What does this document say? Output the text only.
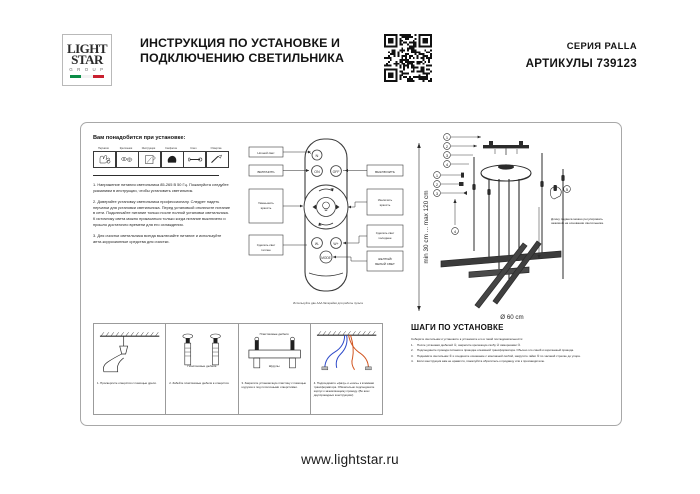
LIGHT
STAR
G R O U P
ИНСТРУКЦИЯ ПО УСТАНОВКЕ И ПОДКЛЮЧЕНИЮ СВЕТИЛЬНИКА
СЕРИЯ PALLA
АРТИКУЛЫ 739123
Вам понадобится при установке:
Перчатки	Крепления	Инструкция	Салфетка	Ключ	Отвертка
1. Напряжение питания светильника 85-265 В 50 Гц. Пожалуйста следуйте указаниям в инструкции, чтобы установить светильник.
2. Доверяйте установку светильника профессионалу. Следует надеть перчатки для установки светильника. Перед установкой отключите питание в сети. Подключайте питание только после полной установки светильника. К источнику света можно прикасаться только когда питание выключено и прошло достаточно времени для его охлаждения.
3. Для очистки светильника всегда выключайте питание и используйте анти-коррозионные средства для очистки.
N
ON	OFF
W-	W+
MODE
Ночной свет
ВКЛЮЧИТЬ
Уменьшить
яркость
Сделать свет
теплее
ВЫКЛЮЧИТЬ
Увеличить
яркость
Сделать свет
холоднее
ЖЕЛТЫЙ/
БЕЛЫЙ СВЕТ
Используйте две AAA батарейки для работы пульта
min 30 cm ... max 120 cm
1
2
3
4
1
2
3
4
5
Длину подвеса можно регулировать зажимом на основании светильника.
Ø 60 cm
1. Просверлите отверстия с помощью дрели.
Пластиковые дюбеля
2. Забейте пластиковые дюбеля в отверстия.
Пластиковые дюбеля
Шурупы
3. Закрепите установочную пластину с помощью шурупов и под потолочными отверстиями.
4. Подсоедините «фазу» и «ноль» к клеммам трансформатора. Обязательно подсоедините корпус к заземляющему проводу. (Во всех двухпроводных конструкциях)
ШАГИ ПО УСТАНОВКЕ
Соберите светильник и установите в установите его в такой последовательности:
1. После установки дюбелей ①, закрепите крепежную скобу ② саморезами ③.
2. Подсоедините провода питания в проводке клеммной трансформатора. Обычно это синий и коричневый провода.
3. Поднимите светильник ④ и соедините основание с монтажной скобой, закрутите гайки ⑤ по часовой стрелке до упора.
4. Если конструкция вам не нравится, пожалуйста обратитесь к продавцу или к производителю.
www.lightstar.ru
